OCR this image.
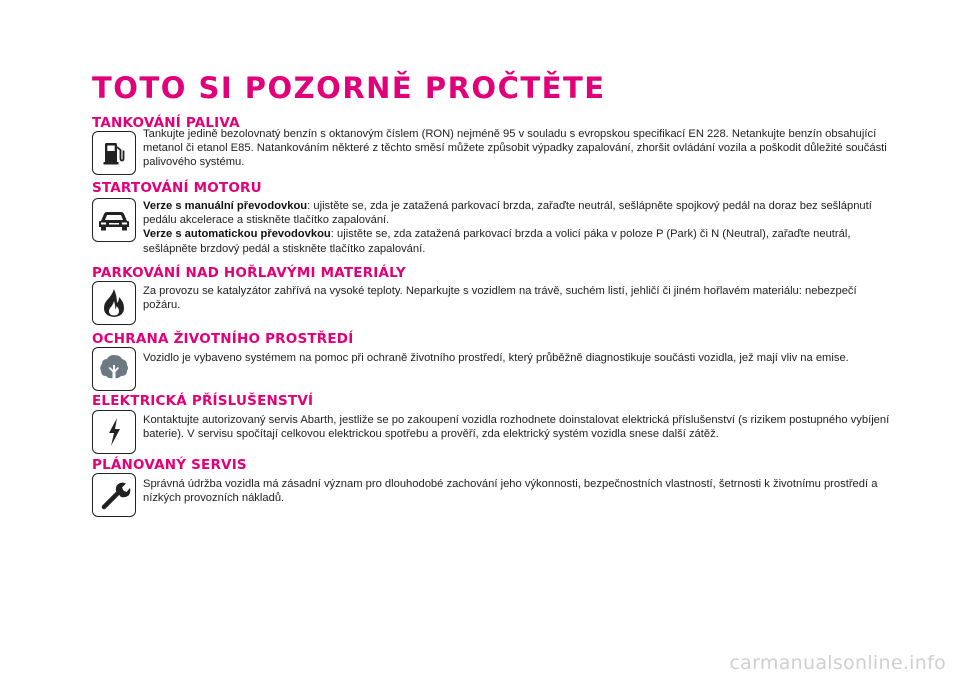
TOTO SI POZORNĚ PROČTĚTE
TANKOVÁNÍ PALIVA

Tankujte jedině bezolovnatý benzín s oktanovým číslem (RON) nejméně 95 v souladu s evropskou specifikací EN 228. Netankujte benzín obsahující metanol či etanol E85. Natankováním některé z těchto směsí můžete způsobit výpadky zapalování, zhoršit ovládání vozila a poškodit důležité součásti palivového systému.

STARTOVÁNÍ MOTORU

Verze s manuální převodovkou: ujistěte se, zda je zatažená parkovací brzda, zařaďte neutrál, sešlápněte spojkový pedál na doraz bez sešlápnutí pedálu akcelerace a stiskněte tlačítko zapalování.

Verze s automatickou převodovkou: ujistěte se, zda zatažená parkovací brzda a volicí páka v poloze P (Park) či N (Neutral), zařaďte neutrál, sešlápněte brzdový pedál a stiskněte tlačítko zapalování.

PARKOVÁNÍ NAD HOŘLAVÝMI MATERIÁLY

Za provozu se katalyzátor zahřívá na vysoké teploty. Neparkujte s vozidlem na trávě, suchém listí, jehličí či jiném hořlavém materiálu: nebezpečí požáru.

OCHRANA ŽIVOTNÍHO PROSTŘEDÍ

Vozidlo je vybaveno systémem na pomoc při ochraně životního prostředí, který průběžně diagnostikuje součásti vozidla, jež mají vliv na emise.

ELEKTRICKÁ PŘÍSLUŠENSTVÍ

Kontaktujte autorizovaný servis Abarth, jestliže se po zakoupení vozidla rozhodnete doinstalovat elektrická příslušenství (s rizikem postupného vybíjení baterie). V servisu spočítají celkovou elektrickou spotřebu a prověří, zda elektrický systém vozidla snese další zátěž.

PLÁNOVANÝ SERVIS

Správná údržba vozidla má zásadní význam pro dlouhodobé zachování jeho výkonnosti, bezpečnostních vlastností, šetrnosti k životnímu prostředí a nízkých provozních nákladů.

carmanualsonline.info
